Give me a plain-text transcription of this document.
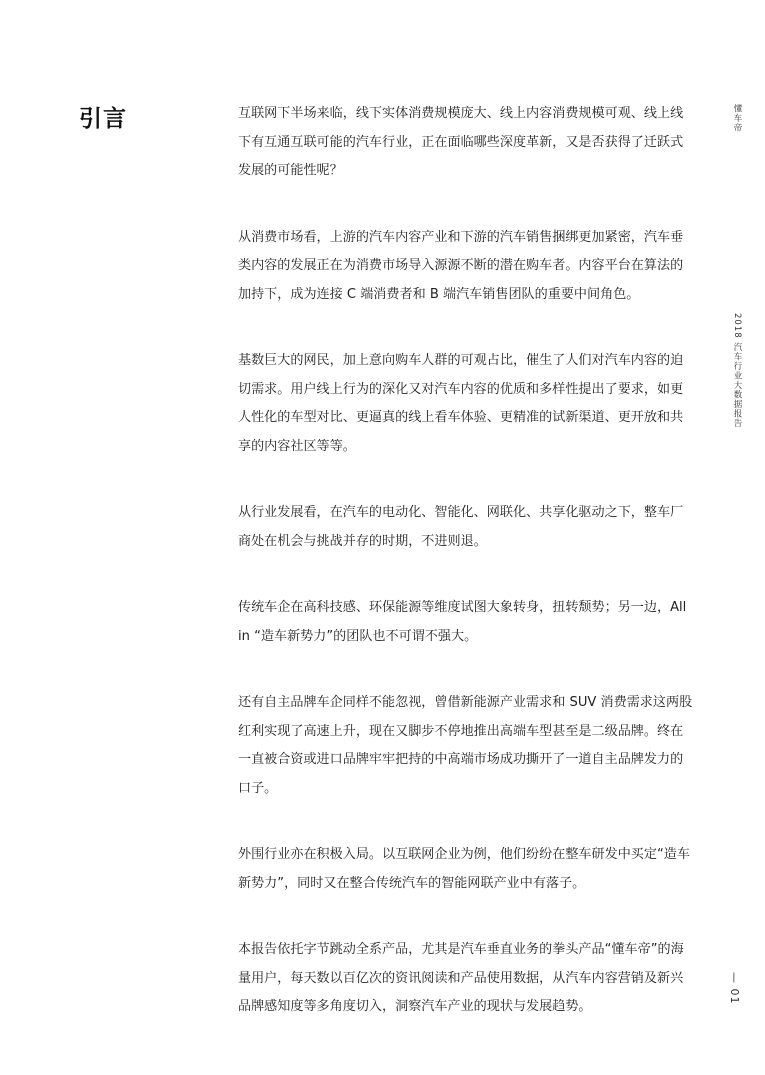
引言	互联网下半场来临，线下实体消费规模庞大、线上内容消费规模可观、线上线下有互通互联可能的汽车行业，正在面临哪些深度革新，又是否获得了迁跃式发展的可能性呢？

从消费市场看，上游的汽车内容产业和下游的汽车销售捆绑更加紧密，汽车垂类内容的发展正在为消费市场导入源源不断的潜在购车者。内容平台在算法的加持下，成为连接 C 端消费者和 B 端汽车销售团队的重要中间角色。

基数巨大的网民，加上意向购车人群的可观占比，催生了人们对汽车内容的迫切需求。用户线上行为的深化又对汽车内容的优质和多样性提出了要求，如更人性化的车型对比、更逼真的线上看车体验、更精准的试新渠道、更开放和共享的内容社区等等。

从行业发展看，在汽车的电动化、智能化、网联化、共享化驱动之下，整车厂商处在机会与挑战并存的时期，不进则退。

传统车企在高科技感、环保能源等维度试图大象转身，扭转颓势；另一边，All in “造车新势力”的团队也不可谓不强大。

还有自主品牌车企同样不能忽视，曾借新能源产业需求和 SUV 消费需求这两股红利实现了高速上升，现在又脚步不停地推出高端车型甚至是二级品牌。终在一直被合资或进口品牌牢牢把持的中高端市场成功撕开了一道自主品牌发力的口子。

外围行业亦在积极入局。以互联网企业为例，他们纷纷在整车研发中买定“造车新势力”，同时又在整合传统汽车的智能网联产业中有落子。

本报告依托字节跳动全系产品，尤其是汽车垂直业务的拳头产品“懂车帝”的海量用户，每天数以百亿次的资讯阅读和产品使用数据，从汽车内容营销及新兴品牌感知度等多角度切入，洞察汽车产业的现状与发展趋势。

懂车帝
2018 汽车行业大数据报告
— 01
